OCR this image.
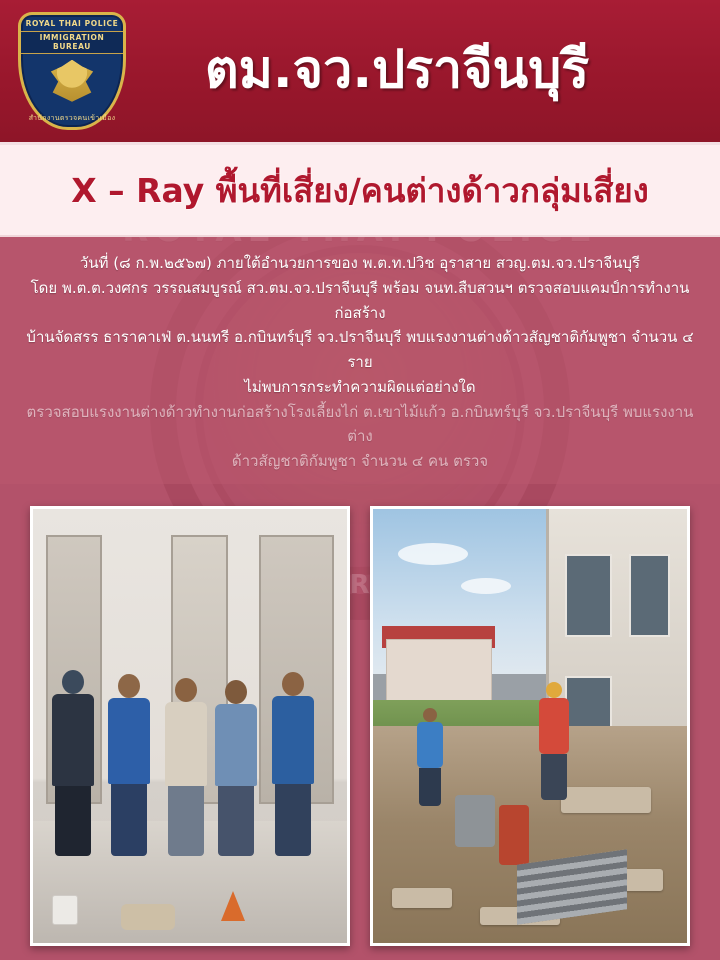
IMMIGRATION
ROYAL THAI POLICE
IMMIGRATION BUREAU
สำนักงานตรวจคนเข้าเมือง
ตม.จว.ปราจีนบุรี
X – Ray พื้นที่เสี่ยง/คนต่างด้าวกลุ่มเสี่ยง
วันที่ (๘ ก.พ.๒๕๖๗) ภายใต้อำนวยการของ พ.ต.ท.ปวิช อุราสาย สวญ.ตม.จว.ปราจีนบุรี
โดย พ.ต.ต.วงศกร วรรณสมบูรณ์ สว.ตม.จว.ปราจีนบุรี พร้อม จนท.สืบสวนฯ ตรวจสอบแคมป์การทำงานก่อสร้าง
บ้านจัดสรร ธาราคาเฟ่ ต.นนทรี อ.กบินทร์บุรี จว.ปราจีนบุรี พบแรงงานต่างด้าวสัญชาติกัมพูชา จำนวน ๔ ราย
ไม่พบการกระทำความผิดแต่อย่างใด
ตรวจสอบแรงงานต่างด้าวทำงานก่อสร้างโรงเลี้ยงไก่ ต.เขาไม้แก้ว อ.กบินทร์บุรี จว.ปราจีนบุรี พบแรงงานต่าง
ด้าวสัญชาติกัมพูชา จำนวน ๔ คน ตรวจ
